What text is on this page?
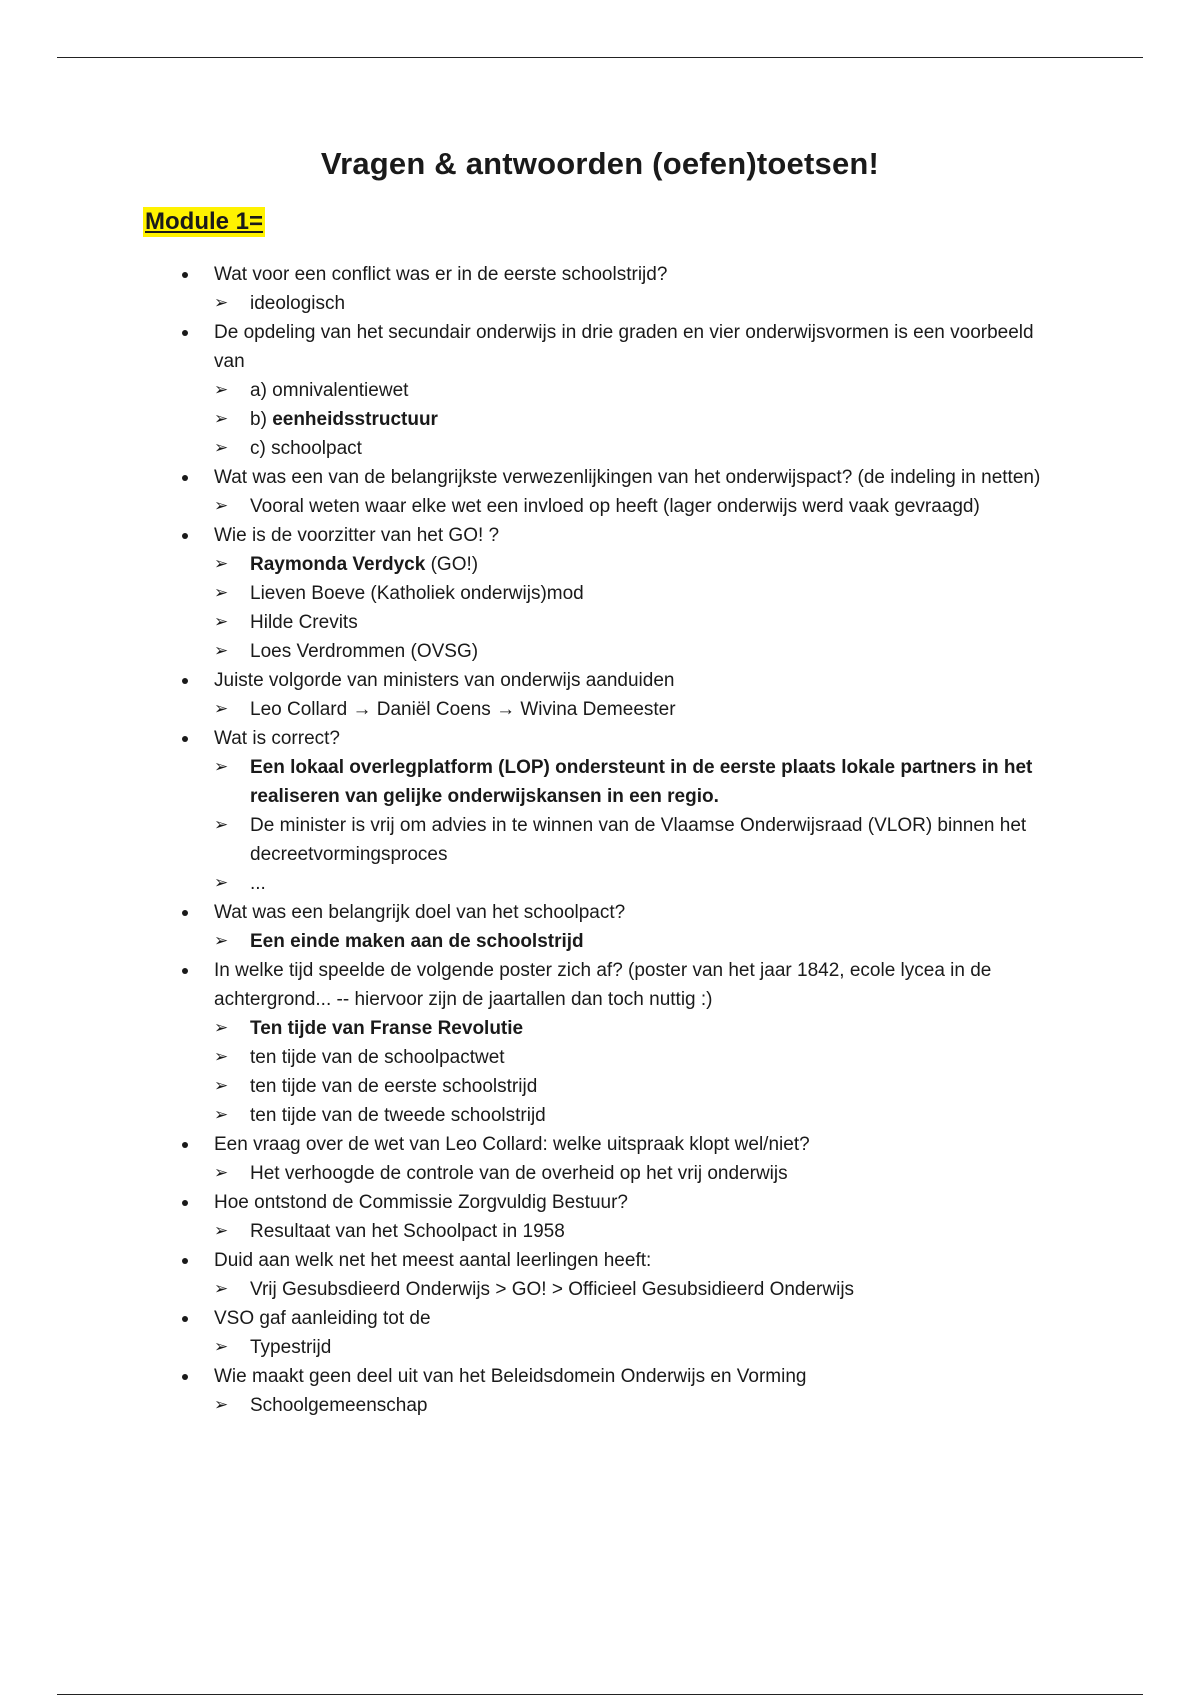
Vragen & antwoorden (oefen)toetsen!
Module 1=
Wat voor een conflict was er in de eerste schoolstrijd?
➢ ideologisch
De opdeling van het secundair onderwijs in drie graden en vier onderwijsvormen is een voorbeeld van
➢ a) omnivalentiewet
➢ b) eenheidsstructuur
➢ c) schoolpact
Wat was een van de belangrijkste verwezenlijkingen van het onderwijspact? (de indeling in netten)
➢ Vooral weten waar elke wet een invloed op heeft (lager onderwijs werd vaak gevraagd)
Wie is de voorzitter van het GO! ?
➢ Raymonda Verdyck (GO!)
➢ Lieven Boeve (Katholiek onderwijs)mod
➢ Hilde Crevits
➢ Loes Verdrommen (OVSG)
Juiste volgorde van ministers van onderwijs aanduiden
➢ Leo Collard → Daniël Coens → Wivina Demeester
Wat is correct?
➢ Een lokaal overlegplatform (LOP) ondersteunt in de eerste plaats lokale partners in het realiseren van gelijke onderwijskansen in een regio.
➢ De minister is vrij om advies in te winnen van de Vlaamse Onderwijsraad (VLOR) binnen het decreetvormingsproces
➢ ...
Wat was een belangrijk doel van het schoolpact?
➢ Een einde maken aan de schoolstrijd
In welke tijd speelde de volgende poster zich af? (poster van het jaar 1842, ecole lycea in de achtergrond... -- hiervoor zijn de jaartallen dan toch nuttig :)
➢ Ten tijde van Franse Revolutie
➢ ten tijde van de schoolpactwet
➢ ten tijde van de eerste schoolstrijd
➢ ten tijde van de tweede schoolstrijd
Een vraag over de wet van Leo Collard: welke uitspraak klopt wel/niet?
➢ Het verhoogde de controle van de overheid op het vrij onderwijs
Hoe ontstond de Commissie Zorgvuldig Bestuur?
➢ Resultaat van het Schoolpact in 1958
Duid aan welk net het meest aantal leerlingen heeft:
➢ Vrij Gesubsdieerd Onderwijs > GO! > Officieel Gesubsidieerd Onderwijs
VSO gaf aanleiding tot de
➢ Typestrijd
Wie maakt geen deel uit van het Beleidsdomein Onderwijs en Vorming
➢ Schoolgemeenschap
